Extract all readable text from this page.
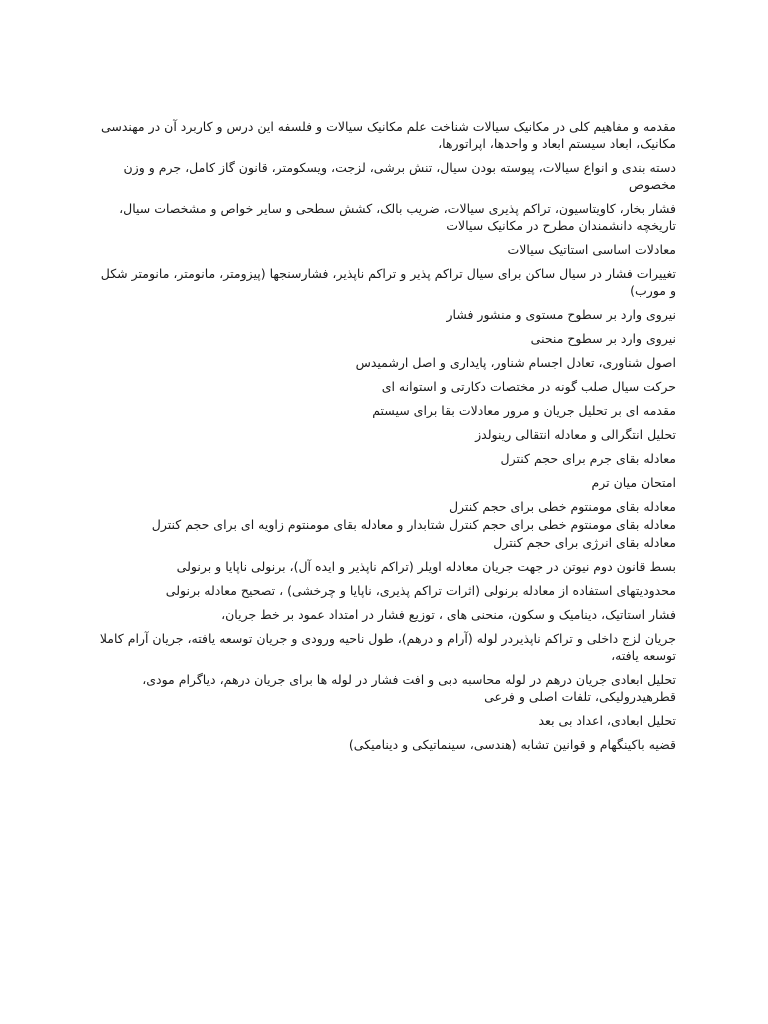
مقدمه و مفاهیم کلی در مکانیک سیالات شناخت علم مکانیک سیالات و فلسفه این درس و کاربرد آن در مهندسی مکانیک، ابعاد سیستم ابعاد و واحدها، اپراتورها،

دسته بندی و انواع سیالات، پیوسته بودن سیال، تنش برشی، لزجت، ویسکومتر، قانون گاز کامل، جرم و وزن مخصوص

فشار بخار، کاویتاسیون، تراکم پذیری سیالات، ضریب بالک، کشش سطحی و سایر خواص و مشخصات سیال، تاریخچه دانشمندان مطرح در مکانیک سیالات

معادلات اساسی استاتیک سیالات

تغییرات فشار در سیال ساکن برای سیال تراکم پذیر و تراکم ناپذیر، فشارسنجها (پیزومتر، مانومتر، مانومتر شکل و مورب)

نیروی وارد بر سطوح مستوی و منشور فشار

نیروی وارد بر سطوح منحنی

اصول شناوری، تعادل اجسام شناور، پایداری و اصل ارشمیدس

حرکت سیال صلب گونه در مختصات دکارتی و استوانه ای

مقدمه ای بر تحلیل جریان و مرور معادلات بقا برای سیستم

تحلیل انتگرالی و معادله انتقالی رینولدز

معادله بقای جرم برای حجم کنترل

امتحان میان ترم

معادله بقای مومنتوم خطی برای حجم کنترل

معادله بقای مومنتوم خطی برای حجم کنترل شتابدار و معادله بقای مومنتوم زاویه ای برای حجم کنترل

معادله بقای انرژی برای حجم کنترل

بسط قانون دوم نیوتن در جهت جریان معادله اویلر (تراکم ناپذیر و ایده آل)، برنولی ناپایا و برنولی

محدودیتهای استفاده از معادله برنولی (اثرات تراکم پذیری، ناپایا و چرخشی) ، تصحیح معادله برنولی

فشار استاتیک، دینامیک و سکون، منحنی های ، توزیع فشار در امتداد عمود بر خط جریان،

جریان لزج داخلی و تراکم ناپذیردر لوله (آرام و درهم)، طول ناحیه ورودی و جریان توسعه یافته، جریان آرام کاملا توسعه یافته،

تحلیل ابعادی جریان درهم در لوله محاسبه دبی و افت فشار در لوله ها برای جریان درهم، دیاگرام مودی، قطرهیدرولیکی، تلفات اصلی و فرعی

تحلیل ابعادی، اعداد بی بعد

قضیه باکینگهام و قوانین تشابه (هندسی، سینماتیکی و دینامیکی)
